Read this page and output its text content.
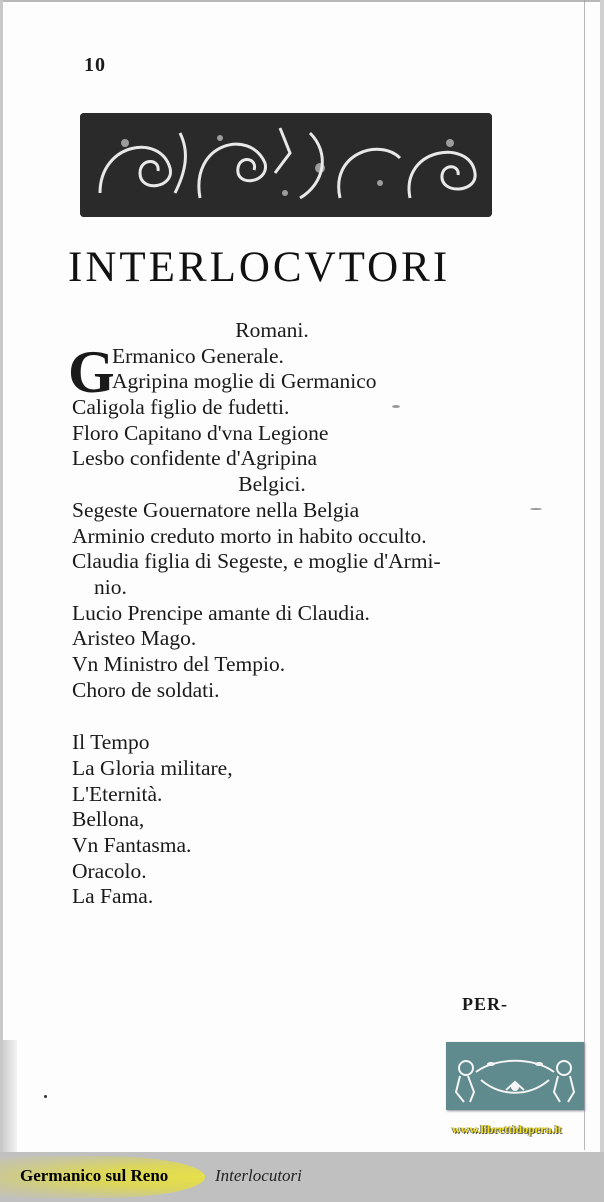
10
INTERLOCVTORI
Romani.
G
Ermanico Generale.
Agripina moglie di Germanico
Caligola figlio de fudetti.
Floro Capitano d'vna Legione
Lesbo confidente d'Agripina
Belgici.
Segeste Gouernatore nella Belgia
Arminio creduto morto in habito occulto.
Claudia figlia di Segeste, e moglie d'Armi-
nio.
Lucio Prencipe amante di Claudia.
Aristeo Mago.
Vn Ministro del Tempio.
Choro de soldati.
Il Tempo
La Gloria militare,
L'Eternità.
Bellona,
Vn Fantasma.
Oracolo.
La Fama.
PER-
www.librettidopera.it
Germanico sul Reno	Interlocutori
